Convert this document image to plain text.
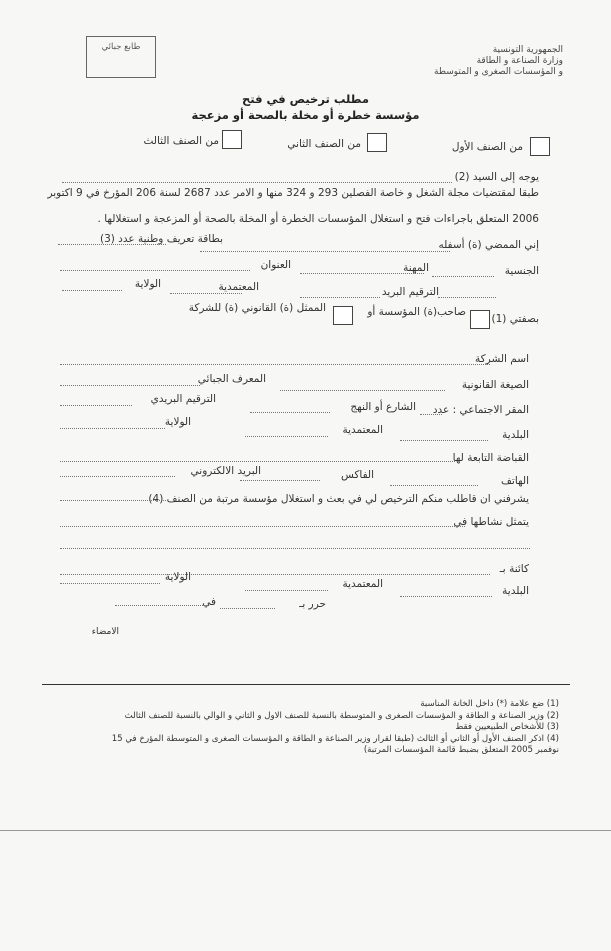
طابع جبائي	الجمهورية التونسية
وزارة الصناعة و الطاقة
و المؤسسات الصغرى و المتوسطة
مطلب ترخيص في فتح
مؤسسة خطرة أو مخلة بالصحة أو مزعجة
من الصنف الأول
من الصنف الثاني
من الصنف الثالث
يوجه إلى السيد (2)
طبقا لمقتضيات مجلة الشغل و خاصة الفصلين 293 و 324 منها و الامر عدد 2687 لسنة 206 المؤرخ في 9 اكتوبر
2006 المتعلق باجراءات فتح و استغلال المؤسسات الخطرة أو المخلة بالصحة أو المزعجة و استغلالها .
إني الممضي (ة) أسفله
بطاقة تعريف وطنية عدد (3)
الجنسية
المهنة
العنوان
الترقيم البريد
المعتمدية
الولاية
بصفتي (1)
صاحب(ة) المؤسسة أو
الممثل (ة) القانوني (ة) للشركة
اسم الشركة
الصيغة القانونية
المعرف الجبائي
المقر الاجتماعي : عدد
الشارع أو النهج
الترقيم البريدي
البلدية
المعتمدية
الولاية
القباضة التابعة لها
الهاتف
الفاكس
البريد الالكتروني
يشرفني ان قاطلب منكم الترخيص لي في بعث و استغلال مؤسسة مرتبة من الصنف (4)
يتمثل نشاطها في
كائنة بـ
البلدية
المعتمدية
الولاية
حرر بـ
في
الامضاء
(1) ضع علامة (*) داخل الخانة المناسبة
(2) وزير الصناعة و الطاقة و المؤسسات الصغرى و المتوسطة بالنسبة للصنف الاول و الثاني و الوالي بالنسبة للصنف الثالث
(3) للأشخاص الطبيعيين فقط
(4) اذكر الصنف الأول أو الثاني أو الثالث (طبقا لقرار وزير الصناعة و الطاقة و المؤسسات الصغرى و المتوسطة المؤرخ في 15
نوفمبر 2005 المتعلق بضبط قائمة المؤسسات المرتبة)
